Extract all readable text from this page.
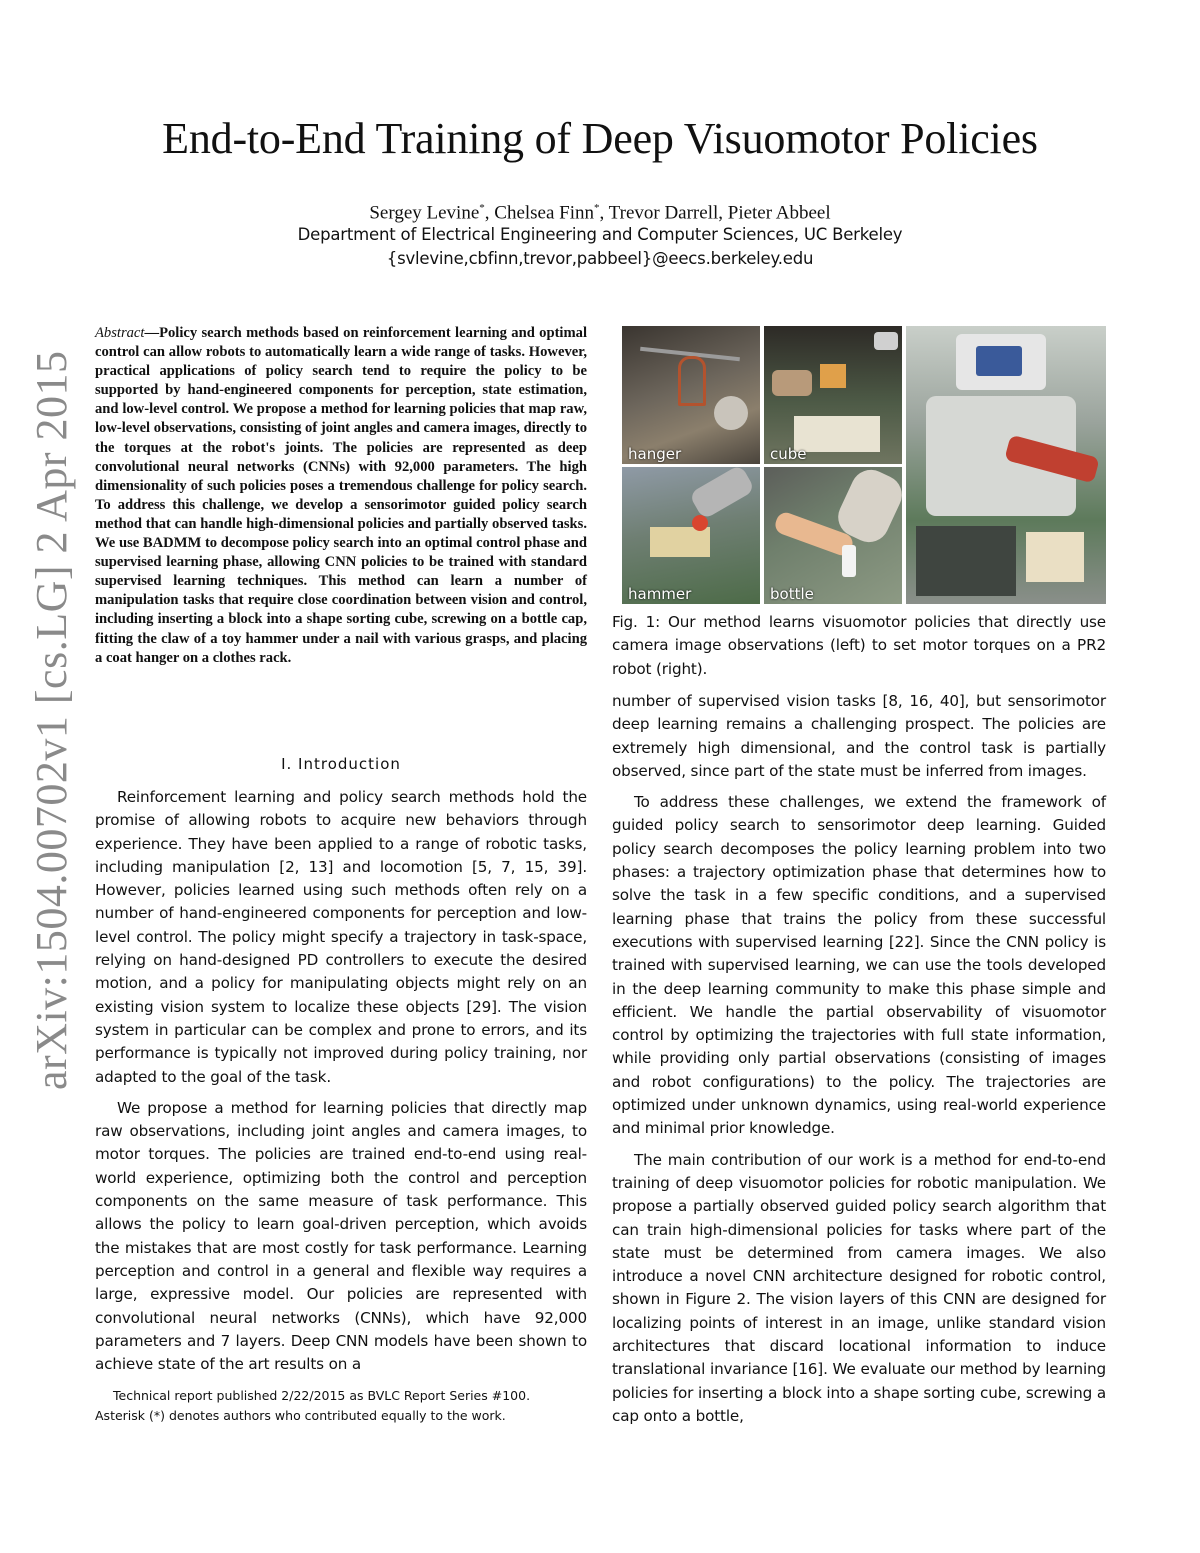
End-to-End Training of Deep Visuomotor Policies
Sergey Levine*, Chelsea Finn*, Trevor Darrell, Pieter Abbeel
Department of Electrical Engineering and Computer Sciences, UC Berkeley
{svlevine,cbfinn,trevor,pabbeel}@eecs.berkeley.edu
arXiv:1504.00702v1 [cs.LG] 2 Apr 2015
Abstract—Policy search methods based on reinforcement learning and optimal control can allow robots to automatically learn a wide range of tasks. However, practical applications of policy search tend to require the policy to be supported by hand-engineered components for perception, state estimation, and low-level control. We propose a method for learning policies that map raw, low-level observations, consisting of joint angles and camera images, directly to the torques at the robot's joints. The policies are represented as deep convolutional neural networks (CNNs) with 92,000 parameters. The high dimensionality of such policies poses a tremendous challenge for policy search. To address this challenge, we develop a sensorimotor guided policy search method that can handle high-dimensional policies and partially observed tasks. We use BADMM to decompose policy search into an optimal control phase and supervised learning phase, allowing CNN policies to be trained with standard supervised learning techniques. This method can learn a number of manipulation tasks that require close coordination between vision and control, including inserting a block into a shape sorting cube, screwing on a bottle cap, fitting the claw of a toy hammer under a nail with various grasps, and placing a coat hanger on a clothes rack.
I. Introduction

Reinforcement learning and policy search methods hold the promise of allowing robots to acquire new behaviors through experience. They have been applied to a range of robotic tasks, including manipulation [2, 13] and locomotion [5, 7, 15, 39]. However, policies learned using such methods often rely on a number of hand-engineered components for perception and low-level control. The policy might specify a trajectory in task-space, relying on hand-designed PD controllers to execute the desired motion, and a policy for manipulating objects might rely on an existing vision system to localize these objects [29]. The vision system in particular can be complex and prone to errors, and its performance is typically not improved during policy training, nor adapted to the goal of the task.

We propose a method for learning policies that directly map raw observations, including joint angles and camera images, to motor torques. The policies are trained end-to-end using real-world experience, optimizing both the control and perception components on the same measure of task performance. This allows the policy to learn goal-driven perception, which avoids the mistakes that are most costly for task performance. Learning perception and control in a general and flexible way requires a large, expressive model. Our policies are represented with convolutional neural networks (CNNs), which have 92,000 parameters and 7 layers. Deep CNN models have been shown to achieve state of the art results on a

Technical report published 2/22/2015 as BVLC Report Series #100.
Asterisk (*) denotes authors who contributed equally to the work.
hanger	cube
hammer	bottle
Fig. 1: Our method learns visuomotor policies that directly use camera image observations (left) to set motor torques on a PR2 robot (right).

number of supervised vision tasks [8, 16, 40], but sensorimotor deep learning remains a challenging prospect. The policies are extremely high dimensional, and the control task is partially observed, since part of the state must be inferred from images.

To address these challenges, we extend the framework of guided policy search to sensorimotor deep learning. Guided policy search decomposes the policy learning problem into two phases: a trajectory optimization phase that determines how to solve the task in a few specific conditions, and a supervised learning phase that trains the policy from these successful executions with supervised learning [22]. Since the CNN policy is trained with supervised learning, we can use the tools developed in the deep learning community to make this phase simple and efficient. We handle the partial observability of visuomotor control by optimizing the trajectories with full state information, while providing only partial observations (consisting of images and robot configurations) to the policy. The trajectories are optimized under unknown dynamics, using real-world experience and minimal prior knowledge.

The main contribution of our work is a method for end-to-end training of deep visuomotor policies for robotic manipulation. We propose a partially observed guided policy search algorithm that can train high-dimensional policies for tasks where part of the state must be determined from camera images. We also introduce a novel CNN architecture designed for robotic control, shown in Figure 2. The vision layers of this CNN are designed for localizing points of interest in an image, unlike standard vision architectures that discard locational information to induce translational invariance [16]. We evaluate our method by learning policies for inserting a block into a shape sorting cube, screwing a cap onto a bottle,
